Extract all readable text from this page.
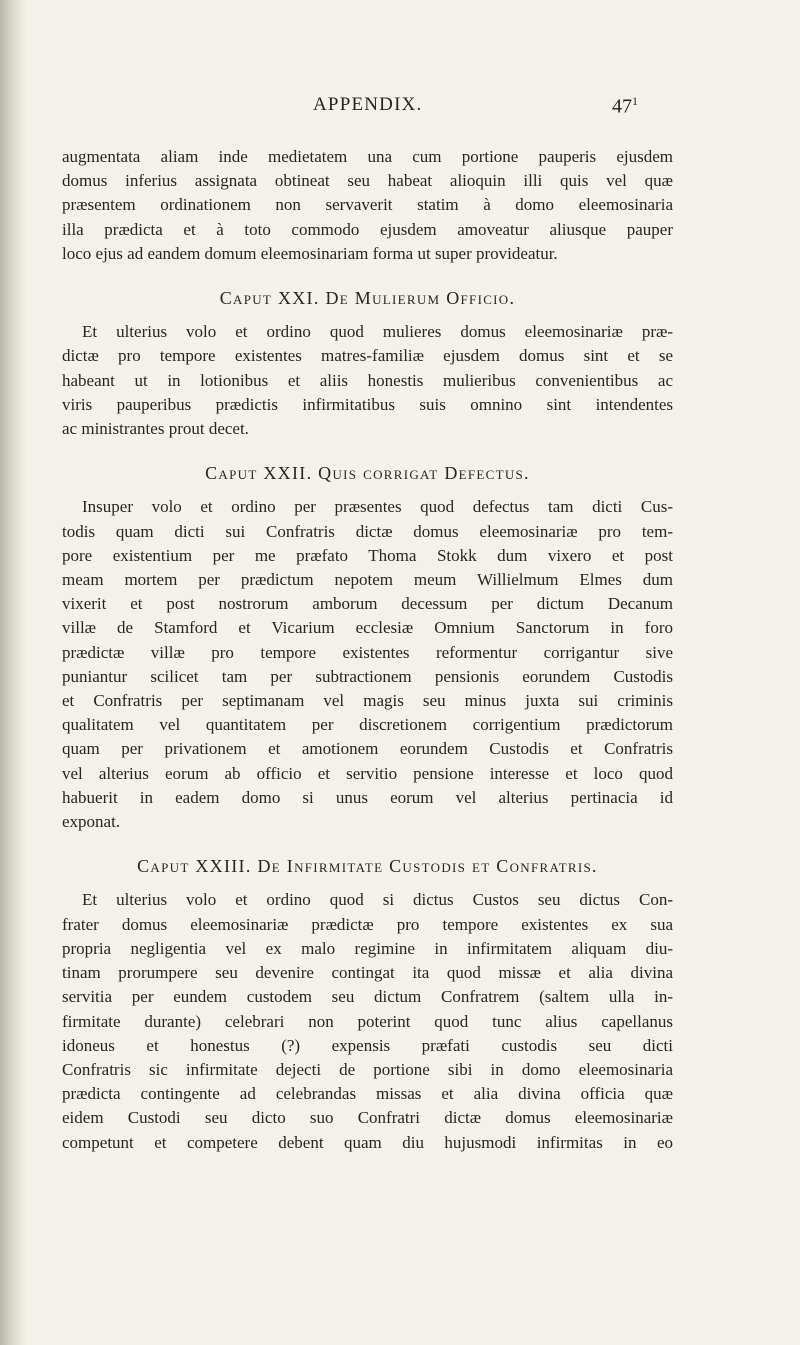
APPENDIX.	$47^1$
augmentata aliam inde medietatem una cum portione pauperis ejusdem
domus inferius assignata obtineat seu habeat alioquin illi quis vel quæ
præsentem ordinationem non servaverit statim à domo eleemosinaria
illa prædicta et à toto commodo ejusdem amoveatur aliusque pauper
loco ejus ad eandem domum eleemosinariam forma ut super provideatur.
Caput XXI. De Mulierum Officio.
Et ulterius volo et ordino quod mulieres domus eleemosinariæ præ-
dictæ pro tempore existentes matres-familiæ ejusdem domus sint et se
habeant ut in lotionibus et aliis honestis mulieribus convenientibus ac
viris pauperibus prædictis infirmitatibus suis omnino sint intendentes
ac ministrantes prout decet.
Caput XXII. Quis corrigat Defectus.
Insuper volo et ordino per præsentes quod defectus tam dicti Cus-
todis quam dicti sui Confratris dictæ domus eleemosinariæ pro tem-
pore existentium per me præfato Thoma Stokk dum vixero et post
meam mortem per prædictum nepotem meum Willielmum Elmes dum
vixerit et post nostrorum amborum decessum per dictum Decanum
villæ de Stamford et Vicarium ecclesiæ Omnium Sanctorum in foro
prædictæ villæ pro tempore existentes reformentur corrigantur sive
puniantur scilicet tam per subtractionem pensionis eorundem Custodis
et Confratris per septimanam vel magis seu minus juxta sui criminis
qualitatem vel quantitatem per discretionem corrigentium prædictorum
quam per privationem et amotionem eorundem Custodis et Confratris
vel alterius eorum ab officio et servitio pensione interesse et loco quod
habuerit in eadem domo si unus eorum vel alterius pertinacia id
exponat.
Caput XXIII. De Infirmitate Custodis et Confratris.
Et ulterius volo et ordino quod si dictus Custos seu dictus Con-
frater domus eleemosinariæ prædictæ pro tempore existentes ex sua
propria negligentia vel ex malo regimine in infirmitatem aliquam diu-
tinam prorumpere seu devenire contingat ita quod missæ et alia divina
servitia per eundem custodem seu dictum Confratrem (saltem ulla in-
firmitate durante) celebrari non poterint quod tunc alius capellanus
idoneus et honestus (?) expensis præfati custodis seu dicti
Confratris sic infirmitate dejecti de portione sibi in domo eleemosinaria
prædicta contingente ad celebrandas missas et alia divina officia quæ
eidem Custodi seu dicto suo Confratri dictæ domus eleemosinariæ
competunt et competere debent quam diu hujusmodi infirmitas in eo
